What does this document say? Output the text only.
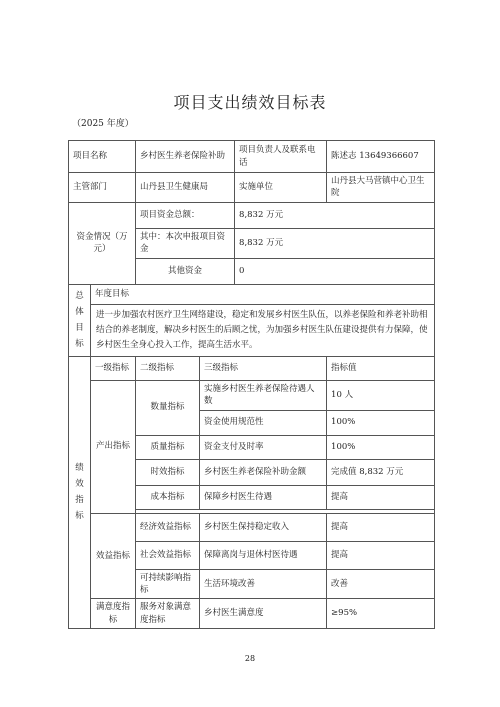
项目支出绩效目标表
（2025 年度）
项目名称		乡村医生养老保险补助		项目负责人及联系电话	陈述志 13649366607
主管部门		山丹县卫生健康局		实施单位	山丹县大马营镇中心卫生院
资金情况（万元）		项目资金总额：		8,832 万元	
		其中：本次申报项目资金		8,832 万元	
		其他资金		0	
总
体
目
标	年度目标				
	进一步加强农村医疗卫生网络建设，稳定和发展乡村医生队伍，以养老保险和养老补助相结合的养老制度，解决乡村医生的后顾之忧，为加强乡村医生队伍建设提供有力保障，使乡村医生全身心投入工作，提高生活水平。				
绩
效
指
标	一级指标	二级指标	三级指标		指标值
	产出指标	数量指标	实施乡村医生养老保险待遇人数		10 人
			资金使用规范性		100%
		质量指标	资金支付及时率		100%
		时效指标	乡村医生养老保险补助金额		完成值 8,832 万元
		成本指标	保障乡村医生待遇		提高

	效益指标	经济效益指标	乡村医生保持稳定收入		提高
		社会效益指标	保障离岗与退休村医待遇		提高
		可持续影响指标	生活环境改善		改善
	满意度指标	服务对象满意度指标	乡村医生满意度		≥95%
28
